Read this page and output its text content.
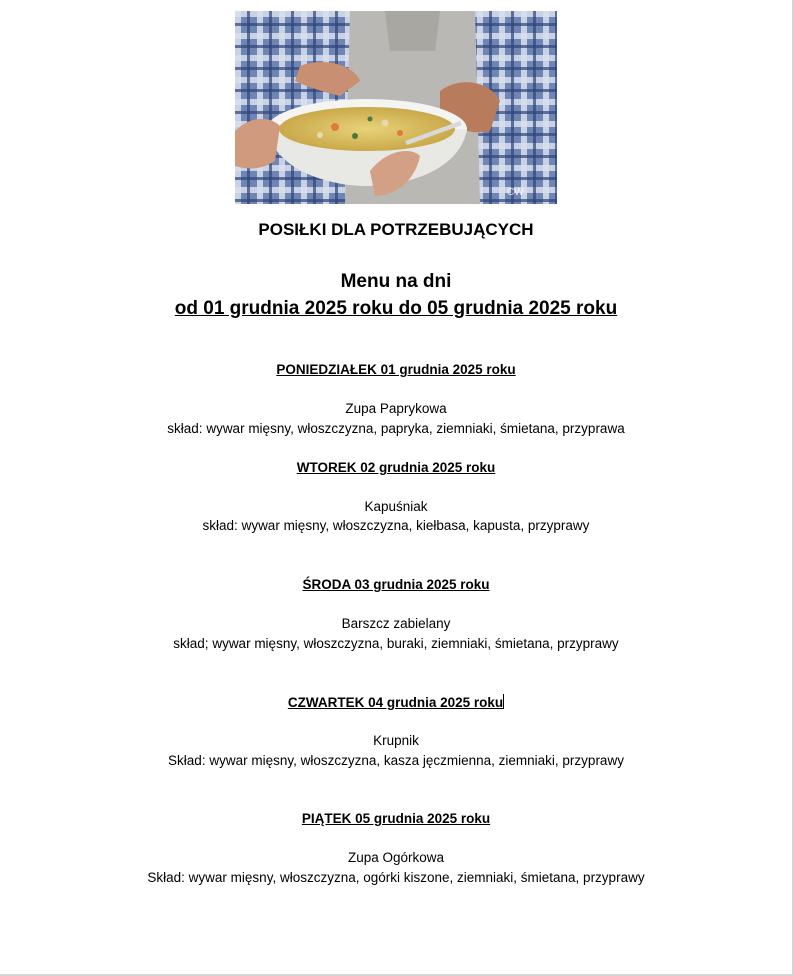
CW
POSIŁKI DLA POTRZEBUJĄCYCH
Menu na dni
od 01 grudnia 2025 roku do 05 grudnia 2025 roku
PONIEDZIAŁEK 01 grudnia 2025 roku
Zupa Paprykowa
skład: wywar mięsny, włoszczyzna, papryka, ziemniaki, śmietana, przyprawa
WTOREK 02 grudnia 2025 roku
Kapuśniak
skład: wywar mięsny, włoszczyzna, kiełbasa, kapusta, przyprawy
ŚRODA 03 grudnia 2025 roku
Barszcz zabielany
skład; wywar mięsny, włoszczyzna, buraki, ziemniaki, śmietana, przyprawy
CZWARTEK 04 grudnia 2025 roku
Krupnik
Skład: wywar mięsny, włoszczyzna, kasza jęczmienna, ziemniaki, przyprawy
PIĄTEK 05 grudnia 2025 roku
Zupa Ogórkowa
Skład: wywar mięsny, włoszczyzna, ogórki kiszone, ziemniaki, śmietana, przyprawy
